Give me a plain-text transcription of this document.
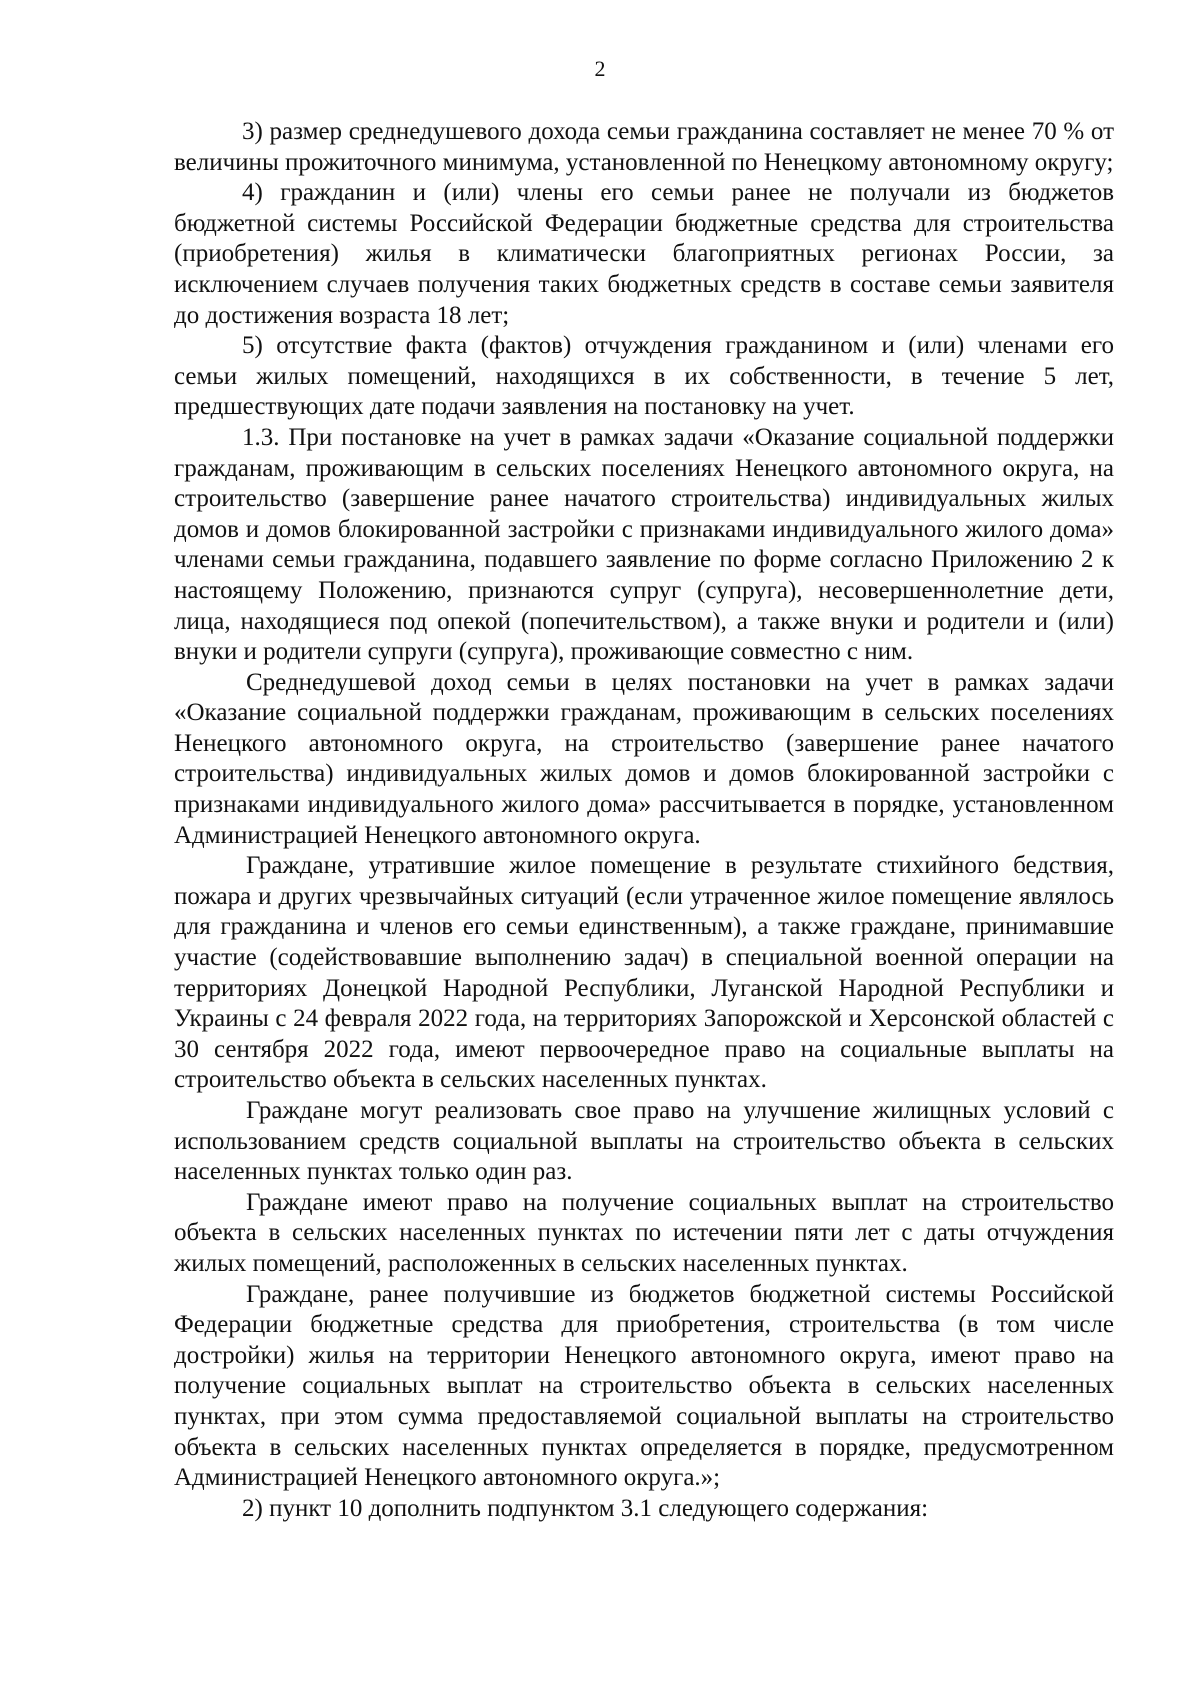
2

3) размер среднедушевого дохода семьи гражданина составляет не менее 70 % от величины прожиточного минимума, установленной по Ненецкому автономному округу;

4) гражданин и (или) члены его семьи ранее не получали из бюджетов бюджетной системы Российской Федерации бюджетные средства для строительства (приобретения) жилья в климатически благоприятных регионах России, за исключением случаев получения таких бюджетных средств в составе семьи заявителя до достижения возраста 18 лет;

5) отсутствие факта (фактов) отчуждения гражданином и (или) членами его семьи жилых помещений, находящихся в их собственности, в течение 5 лет, предшествующих дате подачи заявления на постановку на учет.

1.3. При постановке на учет в рамках задачи «Оказание социальной поддержки гражданам, проживающим в сельских поселениях Ненецкого автономного округа, на строительство (завершение ранее начатого строительства) индивидуальных жилых домов и домов блокированной застройки с признаками индивидуального жилого дома» членами семьи гражданина, подавшего заявление по форме согласно Приложению 2 к настоящему Положению, признаются супруг (супруга), несовершеннолетние дети, лица, находящиеся под опекой (попечительством), а также внуки и родители и (или) внуки и родители супруги (супруга), проживающие совместно с ним.

Среднедушевой доход семьи в целях постановки на учет в рамках задачи «Оказание социальной поддержки гражданам, проживающим в сельских поселениях Ненецкого автономного округа, на строительство (завершение ранее начатого строительства) индивидуальных жилых домов и домов блокированной застройки с признаками индивидуального жилого дома» рассчитывается в порядке, установленном Администрацией Ненецкого автономного округа.

Граждане, утратившие жилое помещение в результате стихийного бедствия, пожара и других чрезвычайных ситуаций (если утраченное жилое помещение являлось для гражданина и членов его семьи единственным), а также граждане, принимавшие участие (содействовавшие выполнению задач) в специальной военной операции на территориях Донецкой Народной Республики, Луганской Народной Республики и Украины с 24 февраля 2022 года, на территориях Запорожской и Херсонской областей с 30 сентября 2022 года, имеют первоочередное право на социальные выплаты на строительство объекта в сельских населенных пунктах.

Граждане могут реализовать свое право на улучшение жилищных условий с использованием средств социальной выплаты на строительство объекта в сельских населенных пунктах только один раз.

Граждане имеют право на получение социальных выплат на строительство объекта в сельских населенных пунктах по истечении пяти лет с даты отчуждения жилых помещений, расположенных в сельских населенных пунктах.

Граждане, ранее получившие из бюджетов бюджетной системы Российской Федерации бюджетные средства для приобретения, строительства (в том числе достройки) жилья на территории Ненецкого автономного округа, имеют право на получение социальных выплат на строительство объекта в сельских населенных пунктах, при этом сумма предоставляемой социальной выплаты на строительство объекта в сельских населенных пунктах определяется в порядке, предусмотренном Администрацией Ненецкого автономного округа.»;

2) пункт 10 дополнить подпунктом 3.1 следующего содержания:
